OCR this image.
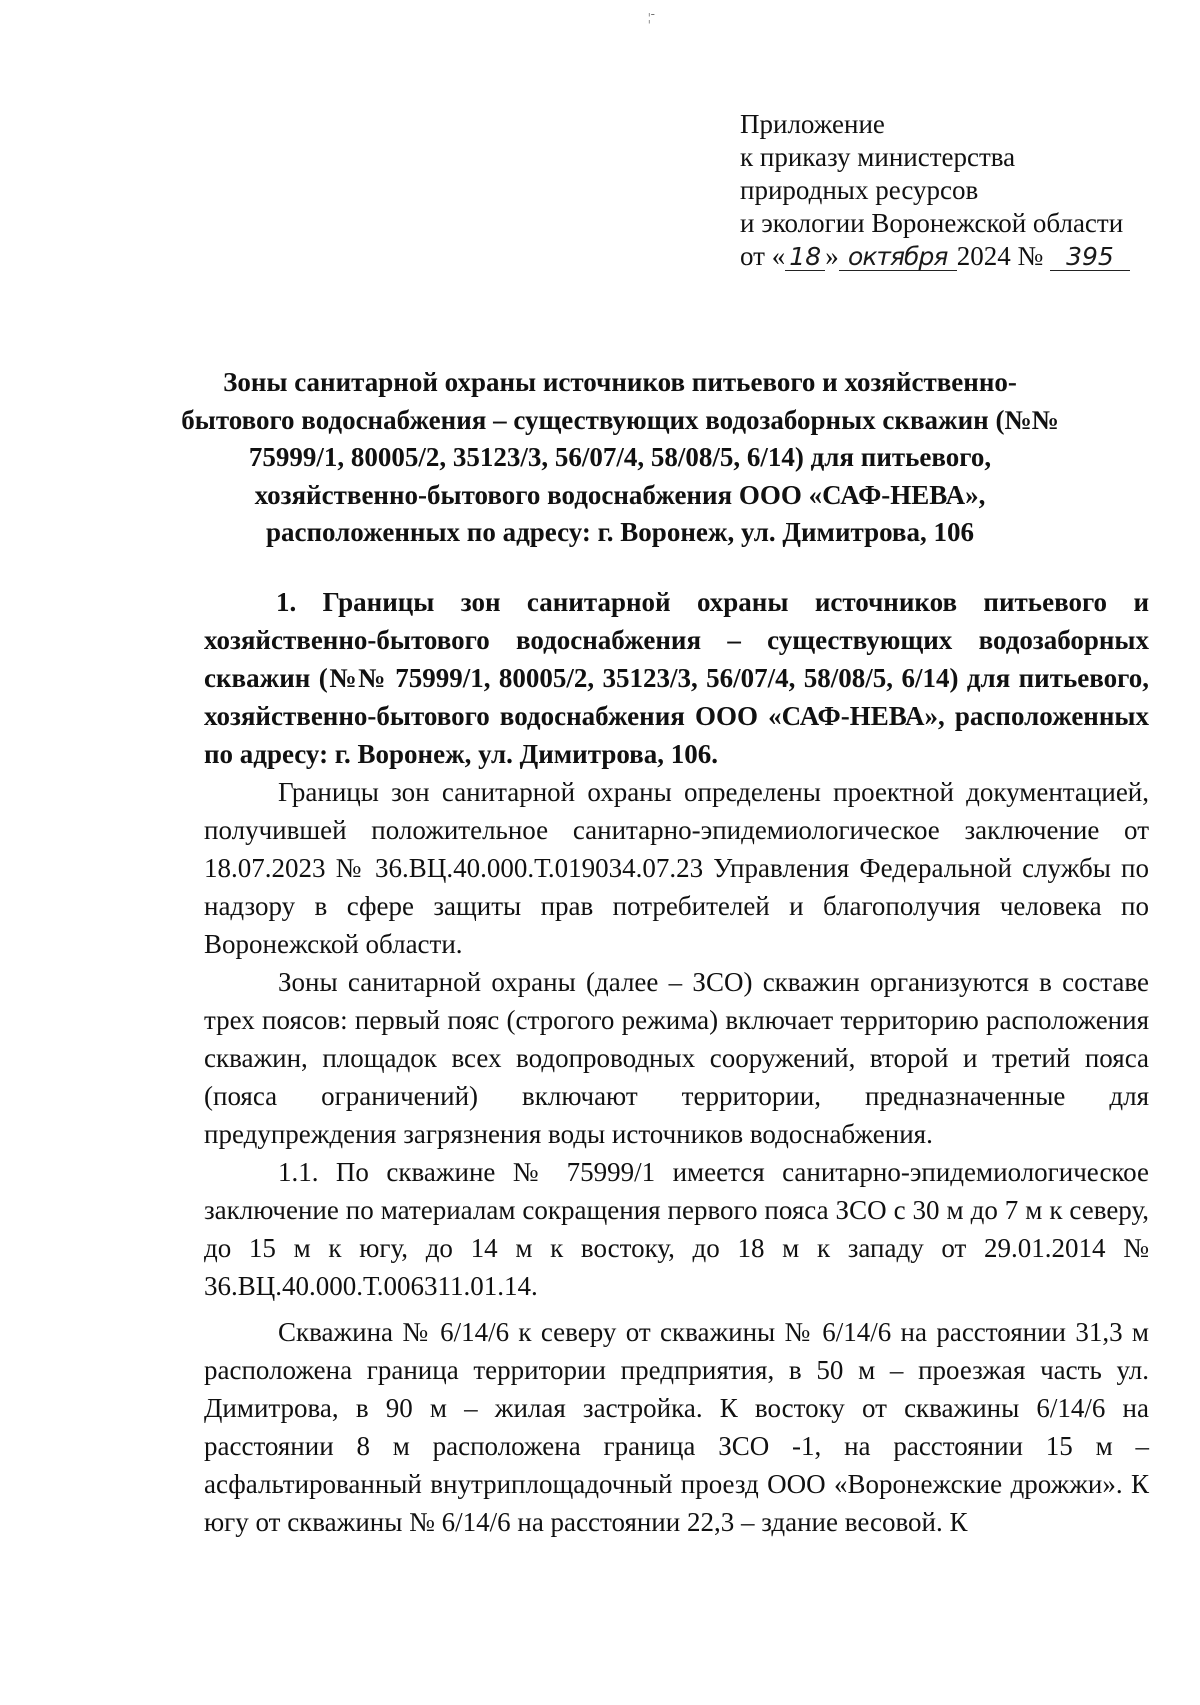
¦ᐨ
Приложение
к приказу министерства
природных ресурсов
и экологии Воронежской области
от « 18 » октября 2024 № 395
Зоны санитарной охраны источников питьевого и хозяйственно-
бытового водоснабжения – существующих водозаборных скважин (№№
75999/1, 80005/2, 35123/3, 56/07/4, 58/08/5, 6/14) для питьевого,
хозяйственно-бытового водоснабжения ООО «САФ-НЕВА»,
расположенных по адресу: г. Воронеж, ул. Димитрова, 106

1. Границы зон санитарной охраны источников питьевого и хозяйственно-бытового водоснабжения – существующих водозаборных скважин (№№ 75999/1, 80005/2, 35123/3, 56/07/4, 58/08/5, 6/14) для питьевого, хозяйственно-бытового водоснабжения ООО «САФ-НЕВА», расположенных по адресу: г. Воронеж, ул. Димитрова, 106.

Границы зон санитарной охраны определены проектной документацией, получившей положительное санитарно-эпидемиологическое заключение от 18.07.2023 № 36.ВЦ.40.000.Т.019034.07.23 Управления Федеральной службы по надзору в сфере защиты прав потребителей и благополучия человека по Воронежской области.

Зоны санитарной охраны (далее – ЗСО) скважин организуются в составе трех поясов: первый пояс (строгого режима) включает территорию расположения скважин, площадок всех водопроводных сооружений, второй и третий пояса (пояса ограничений) включают территории, предназначенные для предупреждения загрязнения воды источников водоснабжения.

1.1. По скважине № 75999/1 имеется санитарно-эпидемиологическое заключение по материалам сокращения первого пояса ЗСО с 30 м до 7 м к северу, до 15 м к югу, до 14 м к востоку, до 18 м к западу от 29.01.2014 № 36.ВЦ.40.000.Т.006311.01.14.

Скважина № 6/14/6 к северу от скважины № 6/14/6 на расстоянии 31,3 м расположена граница территории предприятия, в 50 м – проезжая часть ул. Димитрова, в 90 м – жилая застройка. К востоку от скважины 6/14/6 на расстоянии 8 м расположена граница ЗСО -1, на расстоянии 15 м – асфальтированный внутриплощадочный проезд ООО «Воронежские дрожжи». К югу от скважины № 6/14/6 на расстоянии 22,3 – здание весовой. К
